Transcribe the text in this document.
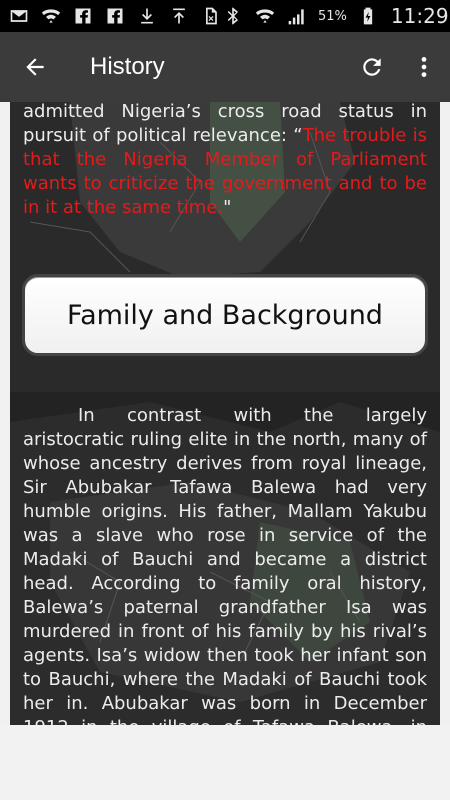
51% 11:29
History
admitted Nigeria’s cross road status in pursuit of political relevance: “The trouble is that the Nigeria Member of Parliament wants to criticize the government and to be in it at the same time."
Family and Background
In contrast with the largely aristocratic ruling elite in the north, many of whose ancestry derives from royal lineage, Sir Abubakar Tafawa Balewa had very humble origins. His father, Mallam Yakubu was a slave who rose in service of the Madaki of Bauchi and became a district head. According to family oral history, Balewa’s paternal grandfather Isa was murdered in front of his family by his rival’s agents. Isa’s widow then took her infant son to Bauchi, where the Madaki of Bauchi took her in. Abubakar was born in December
